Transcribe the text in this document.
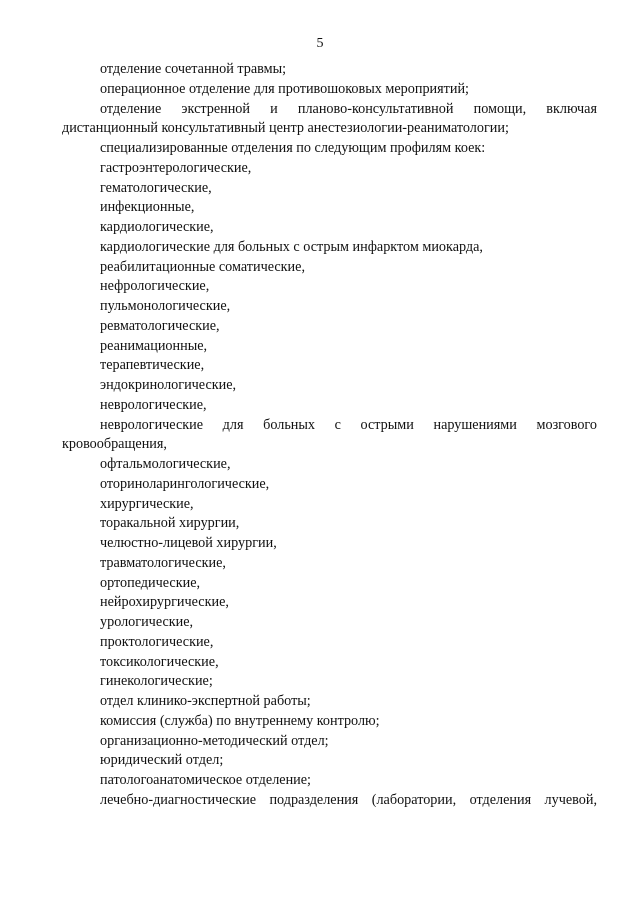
5
отделение сочетанной травмы;
операционное отделение для противошоковых мероприятий;
отделение экстренной и планово-консультативной помощи, включая
дистанционный консультативный центр анестезиологии-реаниматологии;
специализированные отделения по следующим профилям коек:
гастроэнтерологические,
гематологические,
инфекционные,
кардиологические,
кардиологические для больных с острым инфарктом миокарда,
реабилитационные соматические,
нефрологические,
пульмонологические,
ревматологические,
реанимационные,
терапевтические,
эндокринологические,
неврологические,
неврологические для больных с острыми нарушениями мозгового
кровообращения,
офтальмологические,
оториноларингологические,
хирургические,
торакальной хирургии,
челюстно-лицевой хирургии,
травматологические,
ортопедические,
нейрохирургические,
урологические,
проктологические,
токсикологические,
гинекологические;
отдел клинико-экспертной работы;
комиссия (служба) по внутреннему контролю;
организационно-методический отдел;
юридический отдел;
патологоанатомическое отделение;
лечебно-диагностические подразделения (лаборатории, отделения лучевой,
